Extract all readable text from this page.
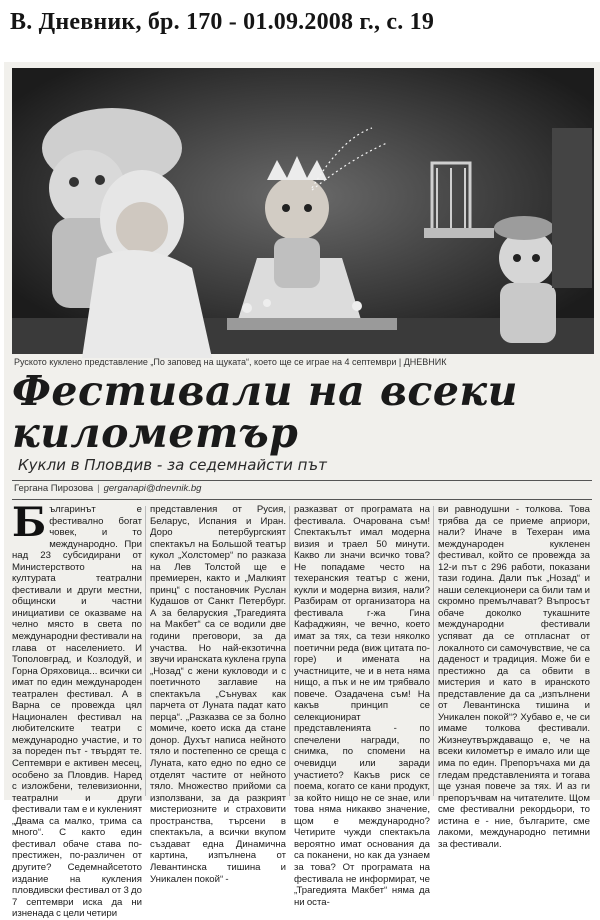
В. Дневник, бр. 170 - 01.09.2008 г., с. 19
Руското куклено представление „По заповед на щуката“, което ще се играе на 4 септември | ДНЕВНИК
Фестивали на всеки километър
Кукли в Пловдив - за седемнайсти път
Гергана Пирозова | gerganapi@dnevnik.bg

Българинът е фестивално богат човек, и то международно. При над 23 субсидирани от Министерството на културата театрални фестивали и други местни, общински и частни инициативи се оказваме на челно място в света по международни фестивали на глава от населението. И Тополовград, и Козлодуй, и Горна Оряховица... всички си имат по един международен театрален фестивал. А в Варна се провежда цял Национален фестивал на любителските театри с международно участие, и то за пореден път - твърдят те. Септември е активен месец, особено за Пловдив. Наред с изложбени, телевизионни, театрални и други фестивали там е и кукленият „Двама са малко, трима са много“. С както един фестивал обаче става по-престижен, по-различен от другите? Седемнайсетото издание на кукления пловдивски фестивал от 3 до 7 септември иска да ни изненада с цели четири

представления от Русия, Беларус, Испания и Иран. Доро петербургският спектакъл на Большой театър кукол „Холстомер“ по разказа на Лев Толстой ще е премиерен, както и „Малкият принц“ с постановчик Руслан Кудашов от Санкт Петербург. А за беларуския „Трагедията на Макбет“ са се водили две години преговори, за да участва. Но най-екзотична звучи иранската куклена група „Нозад“ с жени кукловоди и с поетичното заглавие на спектакъла „Сънуваx как парчета от Луната падат като перца“. „Разказва се за болно момиче, което иска да стане донор. Духът написа нейното тяло и постепенно се среща с Луната, като едно по едно се отделят частите от нейното тяло. Множество прийоми са използвани, за да разкрият мистериозните и страховити пространства, търсени в спектакъла, а всички вкупом създават една Динамична картина, изпълнена от Левантинска тишина и Уникален покой“ -

разказват от програмата на фестивала. Очарована съм! Спектакълът имал модерна визия и траел 50 минути. Какво ли значи всичко това? Не попадаме често на техеранския театър с жени, кукли и модерна визия, нали? Разбирам от организатора на фестивала г-жа Гина Кафаджиян, че вечно, което имат за тях, са тези няколко поетични реда (виж цитата по-горе) и имената на участниците, че и в нета няма нищо, а пък и не им трябвало повече. Озадачена съм! На какъв принцип се селекционират представленията - по спечелени награди, по снимка, по спомени на очевидци или заради участието? Какъв риск се поема, когато се кани продукт, за който нищо не се знае, или това няма никакво значение, щом е международно? Четирите чужди спектакъла вероятно имат основания да са поканени, но как да узнаем за това? От програмата на фестивала не информират, че „Трагедията Макбет“ няма да ни оста-

ви равнодушни - толкова. Това трябва да се приеме априори, нали? Иначе в Техеран има международен кукленен фестивал, който се провежда за 12-и път с 296 работи, показани тази година. Дали пък „Нозад“ и наши селекционери са били там и скромно премълчават? Въпросът обаче доколко тукашните международни фестивали успяват да се отпласнат от локалното си самочувствие, че са даденост и традиция. Може би е престижно да са обвити в мистерия и като в иранското представление да са „изпълнени от Левантинска тишина и Уникален покой“? Хубаво е, че си имаме толкова фестивали. Жизнеутвърждаващо е, че на всеки километър е имало или ще има по един. Препоръчаха ми да гледам представленията и тогава ще узная повече за тях. И аз ги препоръчвам на читателите. Щом сме фестивални рекордьори, то истина е - ние, българите, сме лакоми, международно петимни за фестивали.
